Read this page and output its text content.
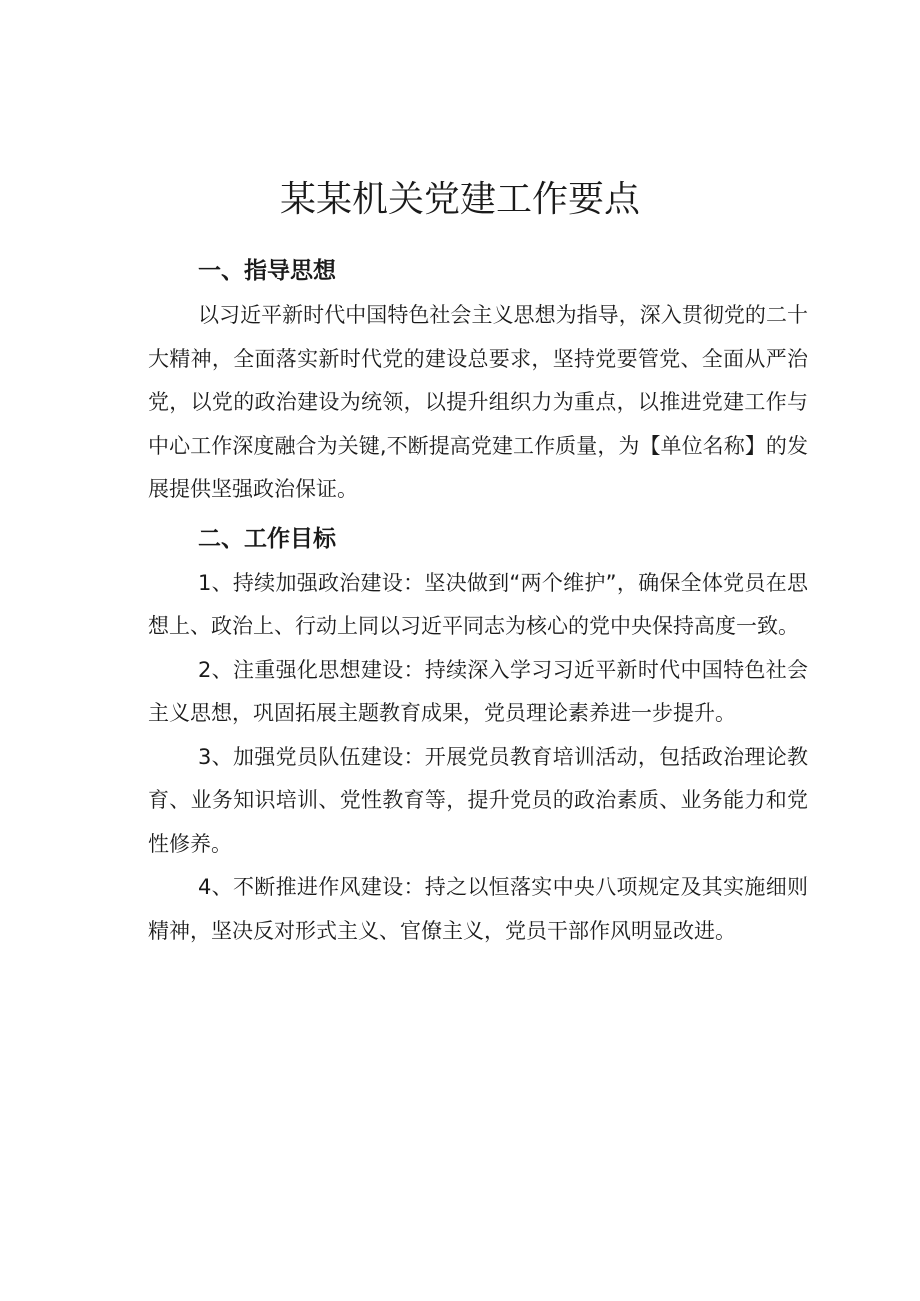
某某机关党建工作要点
一、指导思想

以习近平新时代中国特色社会主义思想为指导，深入贯彻党的二十大精神，全面落实新时代党的建设总要求，坚持党要管党、全面从严治党，以党的政治建设为统领，以提升组织力为重点，以推进党建工作与中心工作深度融合为关键,不断提高党建工作质量，为【单位名称】的发展提供坚强政治保证。

二、工作目标

1、持续加强政治建设：坚决做到“两个维护”，确保全体党员在思想上、政治上、行动上同以习近平同志为核心的党中央保持高度一致。

2、注重强化思想建设：持续深入学习习近平新时代中国特色社会主义思想，巩固拓展主题教育成果，党员理论素养进一步提升。

3、加强党员队伍建设：开展党员教育培训活动，包括政治理论教育、业务知识培训、党性教育等，提升党员的政治素质、业务能力和党性修养。

4、不断推进作风建设：持之以恒落实中央八项规定及其实施细则精神，坚决反对形式主义、官僚主义，党员干部作风明显改进。
